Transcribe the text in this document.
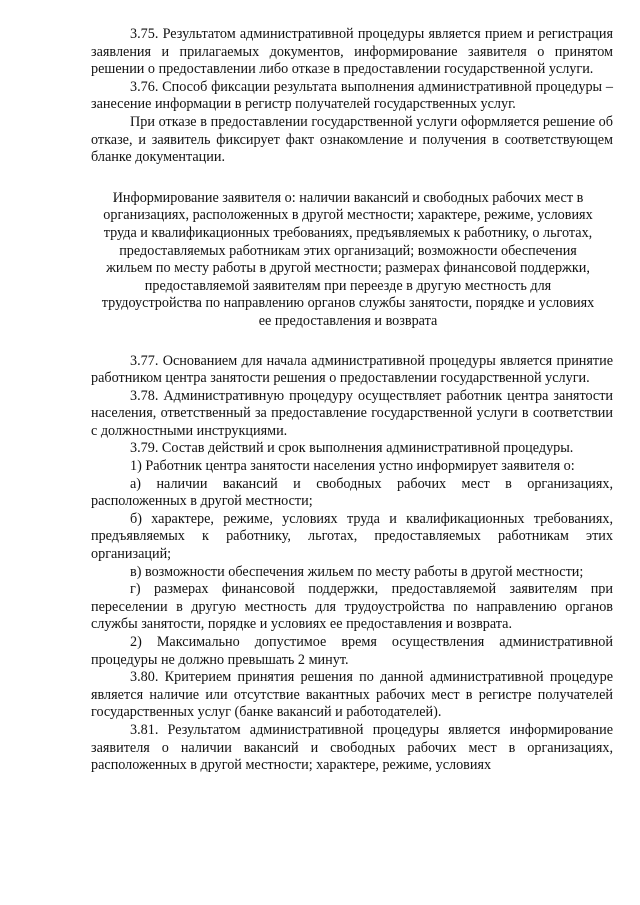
3.75. Результатом административной процедуры является прием и регистрация заявления и прилагаемых документов, информирование заявителя о принятом решении о предоставлении либо отказе в предоставлении государственной услуги.

3.76. Способ фиксации результата выполнения административной процедуры – занесение информации в регистр получателей государственных услуг.

При отказе в предоставлении государственной услуги оформляется решение об отказе, и заявитель фиксирует факт ознакомление и получения в соответствующем бланке документации.

Информирование заявителя о: наличии вакансий и свободных рабочих мест в организациях, расположенных в другой местности; характере, режиме, условиях труда и квалификационных требованиях, предъявляемых к работнику, о льготах, предоставляемых работникам этих организаций; возможности обеспечения жильем по месту работы в другой местности; размерах финансовой поддержки, предоставляемой заявителям при переезде в другую местность для трудоустройства по направлению органов службы занятости, порядке и условиях ее предоставления и возврата

3.77. Основанием для начала административной процедуры является принятие работником центра занятости решения о предоставлении государственной услуги.

3.78. Административную процедуру осуществляет работник центра занятости населения, ответственный за предоставление государственной услуги в соответствии с должностными инструкциями.

3.79. Состав действий и срок выполнения административной процедуры.

1) Работник центра занятости населения устно информирует заявителя о:

а) наличии вакансий и свободных рабочих мест в организациях, расположенных в другой местности;

б) характере, режиме, условиях труда и квалификационных требованиях, предъявляемых к работнику, льготах, предоставляемых работникам этих организаций;

в) возможности обеспечения жильем по месту работы в другой местности;

г) размерах финансовой поддержки, предоставляемой заявителям при переселении в другую местность для трудоустройства по направлению органов службы занятости, порядке и условиях ее предоставления и возврата.

2) Максимально допустимое время осуществления административной процедуры не должно превышать 2 минут.

3.80. Критерием принятия решения по данной административной процедуре является наличие или отсутствие вакантных рабочих мест в регистре получателей государственных услуг (банке вакансий и работодателей).

3.81. Результатом административной процедуры является информирование заявителя о наличии вакансий и свободных рабочих мест в организациях, расположенных в другой местности; характере, режиме, условиях
